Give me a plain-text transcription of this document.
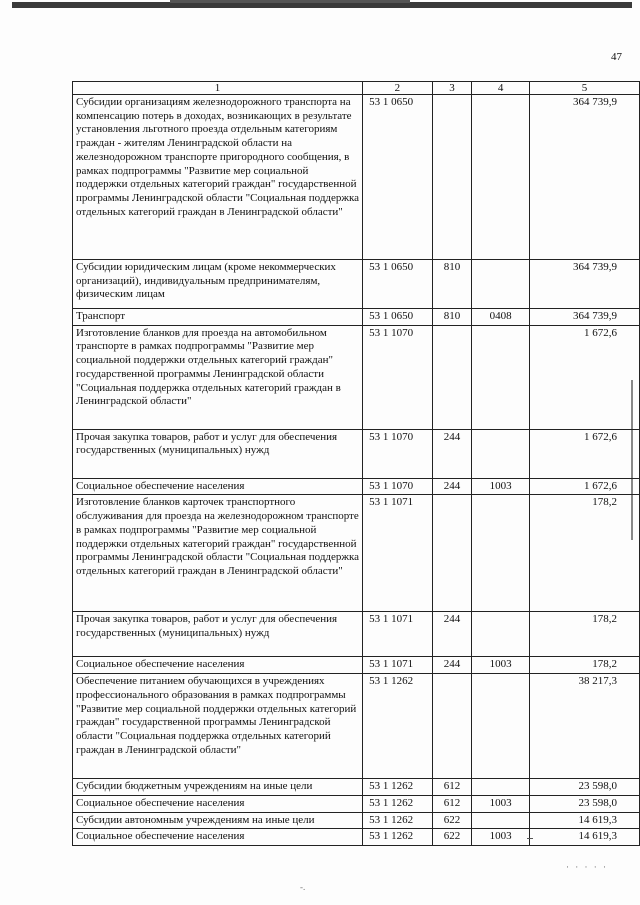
47
1	2	3	4	5
Субсидии организациям железнодорожного транспорта на компенсацию потерь в доходах, возникающих в результате установления льготного проезда отдельным категориям граждан - жителям Ленинградской области на железнодорожном транспорте пригородного сообщения, в рамках подпрограммы "Развитие мер социальной поддержки отдельных категорий граждан" государственной программы Ленинградской области "Социальная поддержка отдельных категорий граждан в Ленинградской области"	53 1 0650			364 739,9
Субсидии юридическим лицам (кроме некоммерческих организаций), индивидуальным предпринимателям, физическим лицам	53 1 0650	810		364 739,9
Транспорт	53 1 0650	810	0408	364 739,9
Изготовление бланков для проезда на автомобильном транспорте в рамках подпрограммы "Развитие мер социальной поддержки отдельных категорий граждан" государственной программы Ленинградской области "Социальная поддержка отдельных категорий граждан в Ленинградской области"	53 1 1070			1 672,6
Прочая закупка товаров, работ и услуг для обеспечения государственных (муниципальных) нужд	53 1 1070	244		1 672,6
Социальное обеспечение населения	53 1 1070	244	1003	1 672,6
Изготовление бланков карточек транспортного обслуживания для проезда на железнодорожном транспорте в рамках подпрограммы "Развитие мер социальной поддержки отдельных категорий граждан" государственной программы Ленинградской области "Социальная поддержка отдельных категорий граждан в Ленинградской области"	53 1 1071			178,2
Прочая закупка товаров, работ и услуг для обеспечения государственных (муниципальных) нужд	53 1 1071	244		178,2
Социальное обеспечение населения	53 1 1071	244	1003	178,2
Обеспечение питанием обучающихся в учреждениях профессионального образования в рамках подпрограммы "Развитие мер социальной поддержки отдельных категорий граждан" государственной программы Ленинградской области "Социальная поддержка отдельных категорий граждан в Ленинградской области"	53 1 1262			38 217,3
Субсидии бюджетным учреждениям на иные цели	53 1 1262	612		23 598,0
Социальное обеспечение населения	53 1 1262	612	1003	23 598,0
Субсидии автономным учреждениям на иные цели	53 1 1262	622		14 619,3
Социальное обеспечение населения	53 1 1262	622	1003	14 619,3
· · · · ·
-.
